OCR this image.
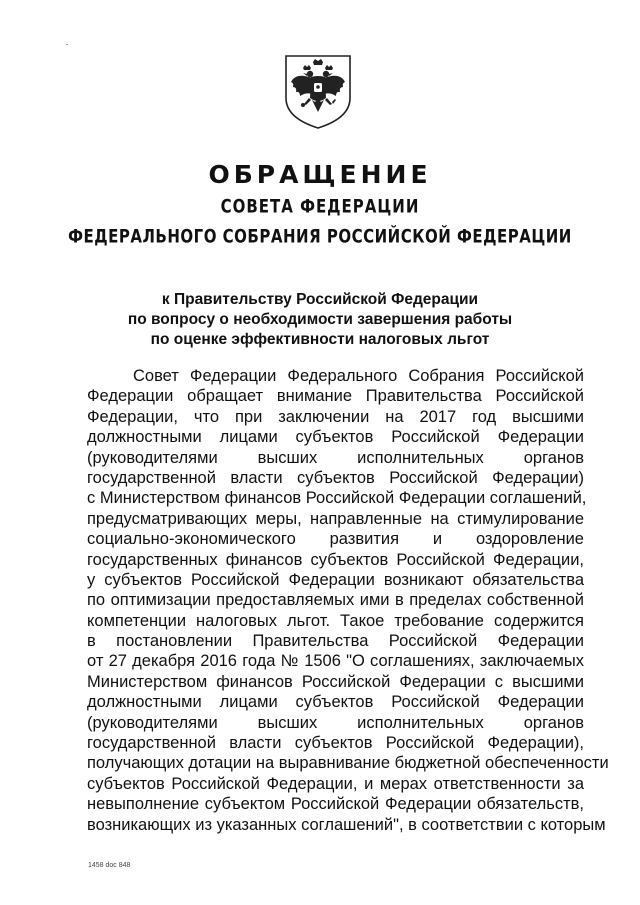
ОБРАЩЕНИЕ
СОВЕТА ФЕДЕРАЦИИ
ФЕДЕРАЛЬНОГО СОБРАНИЯ РОССИЙСКОЙ ФЕДЕРАЦИИ
к Правительству Российской Федерации
по вопросу о необходимости завершения работы
по оценке эффективности налоговых льгот
Совет Федерации Федерального Собрания Российской
Федерации обращает внимание Правительства Российской
Федерации, что при заключении на 2017 год высшими
должностными лицами субъектов Российской Федерации
(руководителями высших исполнительных органов
государственной власти субъектов Российской Федерации)
с Министерством финансов Российской Федерации соглашений,
предусматривающих меры, направленные на стимулирование
социально-экономического развития и оздоровление
государственных финансов субъектов Российской Федерации,
у субъектов Российской Федерации возникают обязательства
по оптимизации предоставляемых ими в пределах собственной
компетенции налоговых льгот. Такое требование содержится
в постановлении Правительства Российской Федерации
от 27 декабря 2016 года № 1506 "О соглашениях, заключаемых
Министерством финансов Российской Федерации с высшими
должностными лицами субъектов Российской Федерации
(руководителями высших исполнительных органов
государственной власти субъектов Российской Федерации),
получающих дотации на выравнивание бюджетной обеспеченности
субъектов Российской Федерации, и мерах ответственности за
невыполнение субъектом Российской Федерации обязательств,
возникающих из указанных соглашений", в соответствии с которым
1458 doc 848
